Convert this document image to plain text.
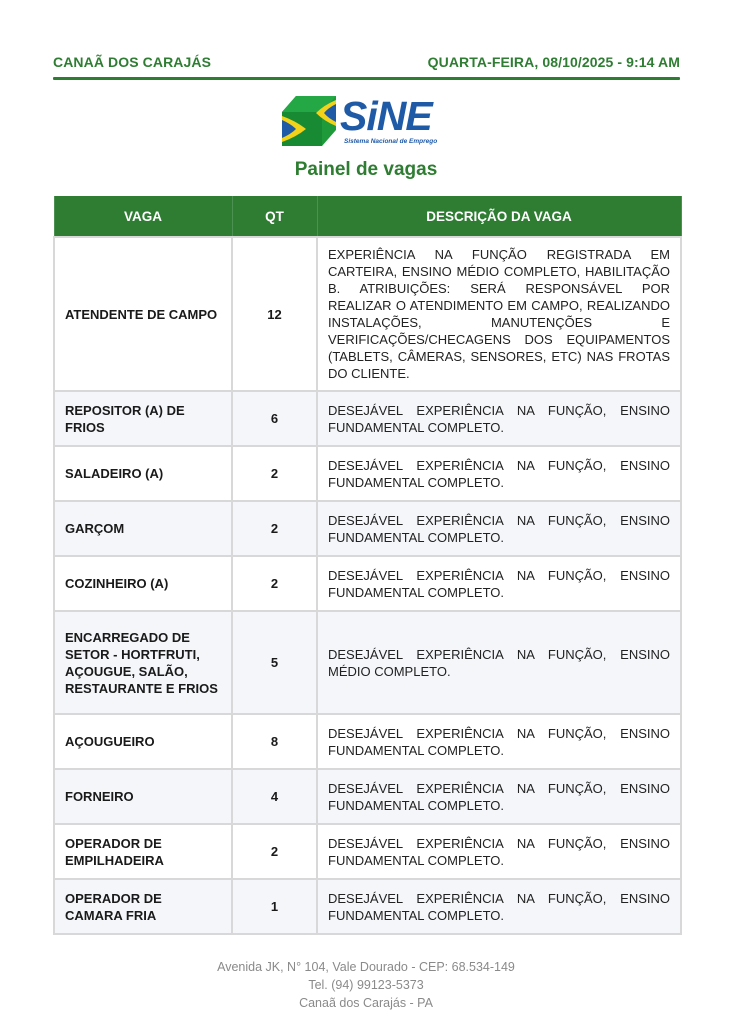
CANAÃ DOS CARAJÁS	QUARTA-FEIRA, 08/10/2025 - 9:14 AM
SiNE
Sistema Nacional de Emprego
Painel de vagas
VAGA	QT	DESCRIÇÃO DA VAGA
ATENDENTE DE CAMPO	12	EXPERIÊNCIA NA FUNÇÃO REGISTRADA EM CARTEIRA, ENSINO MÉDIO COMPLETO, HABILITAÇÃO B. ATRIBUIÇÕES: SERÁ RESPONSÁVEL POR REALIZAR O ATENDIMENTO EM CAMPO, REALIZANDO INSTALAÇÕES, MANUTENÇÕES E VERIFICAÇÕES/CHECAGENS DOS EQUIPAMENTOS (TABLETS, CÂMERAS, SENSORES, ETC) NAS FROTAS DO CLIENTE.
REPOSITOR (A) DE FRIOS	6	DESEJÁVEL EXPERIÊNCIA NA FUNÇÃO, ENSINO FUNDAMENTAL COMPLETO.
SALADEIRO (A)	2	DESEJÁVEL EXPERIÊNCIA NA FUNÇÃO, ENSINO FUNDAMENTAL COMPLETO.
GARÇOM	2	DESEJÁVEL EXPERIÊNCIA NA FUNÇÃO, ENSINO FUNDAMENTAL COMPLETO.
COZINHEIRO (A)	2	DESEJÁVEL EXPERIÊNCIA NA FUNÇÃO, ENSINO FUNDAMENTAL COMPLETO.
ENCARREGADO DE SETOR - HORTFRUTI, AÇOUGUE, SALÃO, RESTAURANTE E FRIOS	5	DESEJÁVEL EXPERIÊNCIA NA FUNÇÃO, ENSINO MÉDIO COMPLETO.
AÇOUGUEIRO	8	DESEJÁVEL EXPERIÊNCIA NA FUNÇÃO, ENSINO FUNDAMENTAL COMPLETO.
FORNEIRO	4	DESEJÁVEL EXPERIÊNCIA NA FUNÇÃO, ENSINO FUNDAMENTAL COMPLETO.
OPERADOR DE EMPILHADEIRA	2	DESEJÁVEL EXPERIÊNCIA NA FUNÇÃO, ENSINO FUNDAMENTAL COMPLETO.
OPERADOR DE CAMARA FRIA	1	DESEJÁVEL EXPERIÊNCIA NA FUNÇÃO, ENSINO FUNDAMENTAL COMPLETO.
Avenida JK, N° 104, Vale Dourado - CEP: 68.534-149
Tel. (94) 99123-5373
Canaã dos Carajás - PA
